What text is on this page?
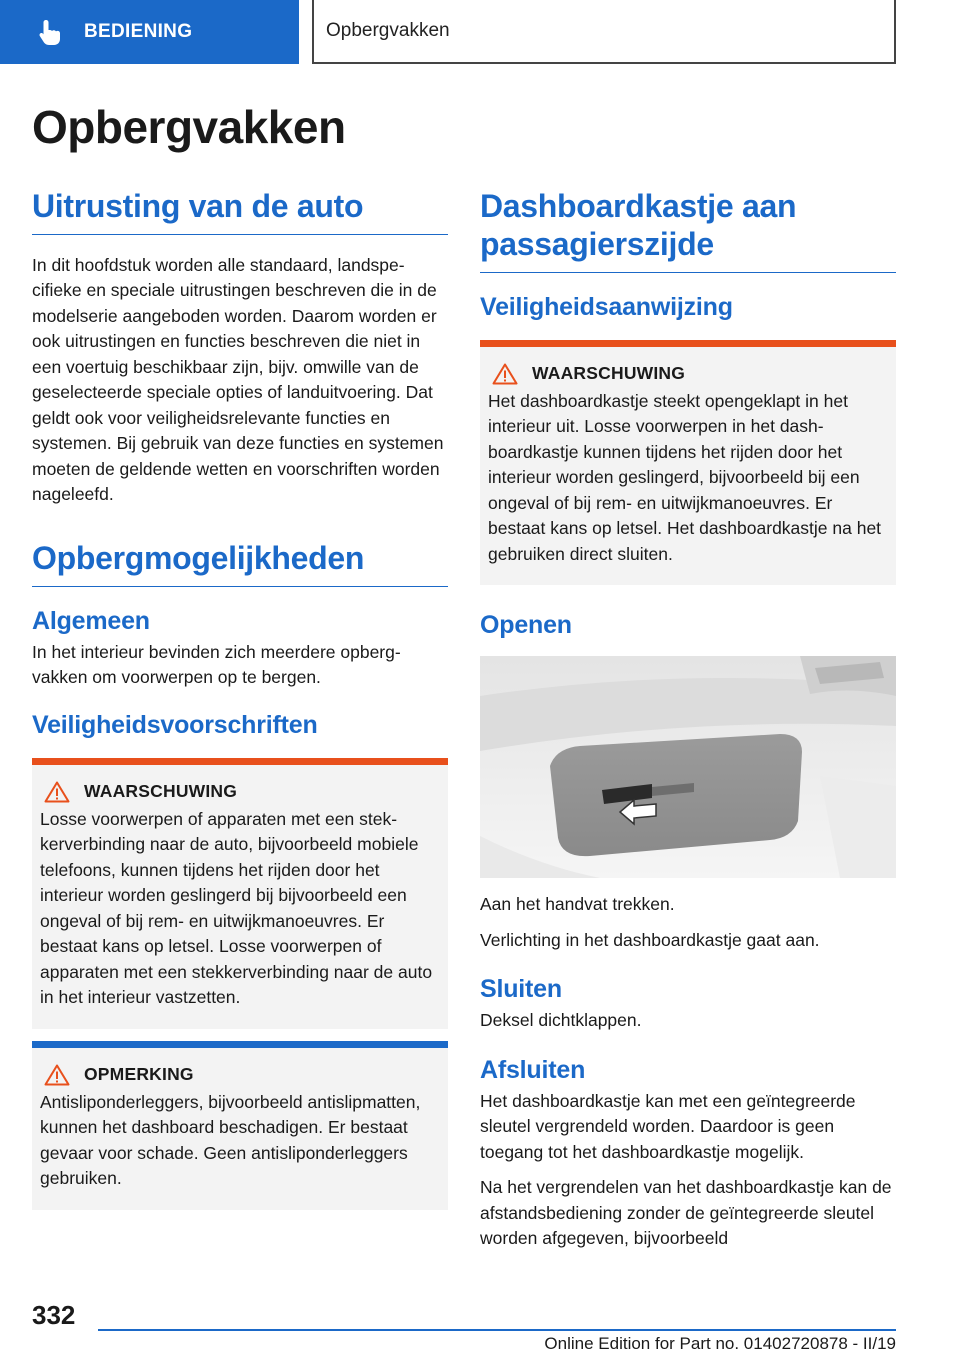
BEDIENING	Opbergvakken
Opbergvakken
Uitrusting van de auto

In dit hoofdstuk worden alle standaard, landspecifieke en speciale uitrustingen beschreven die in de modelserie aangeboden worden. Daarom worden er ook uitrustingen en functies beschreven die niet in een voertuig beschikbaar zijn, bijv. omwille van de geselecteerde speciale opties of landuitvoering. Dat geldt ook voor veiligheidsrelevante functies en systemen. Bij gebruik van deze functies en systemen moeten de geldende wetten en voorschriften worden nageleefd.

Opbergmogelijkheden
Algemeen

In het interieur bevinden zich meerdere opbergvakken om voorwerpen op te bergen.

Veiligheidsvoorschriften
WAARSCHUWING

Losse voorwerpen of apparaten met een stekkerverbinding naar de auto, bijvoorbeeld mobiele telefoons, kunnen tijdens het rijden door het interieur worden geslingerd bij bijvoorbeeld een ongeval of bij rem- en uitwijkmanoeuvres. Er bestaat kans op letsel. Losse voorwerpen of apparaten met een stekkerverbinding naar de auto in het interieur vastzetten.

OPMERKING

Antisliponderleggers, bijvoorbeeld antislipmatten, kunnen het dashboard beschadigen. Er bestaat gevaar voor schade. Geen antisliponderleggers gebruiken.

Dashboardkastje aan passagierszijde
Veiligheidsaanwijzing
WAARSCHUWING

Het dashboardkastje steekt opengeklapt in het interieur uit. Losse voorwerpen in het dashboardkastje kunnen tijdens het rijden door het interieur worden geslingerd, bijvoorbeeld bij een ongeval of bij rem- en uitwijkmanoeuvres. Er bestaat kans op letsel. Het dashboardkastje na het gebruiken direct sluiten.

Openen

Aan het handvat trekken.

Verlichting in het dashboardkastje gaat aan.

Sluiten

Deksel dichtklappen.

Afsluiten

Het dashboardkastje kan met een geïntegreerde sleutel vergrendeld worden. Daardoor is geen toegang tot het dashboardkastje mogelijk.

Na het vergrendelen van het dashboardkastje kan de afstandsbediening zonder de geïntegreerde sleutel worden afgegeven, bijvoorbeeld

332
Online Edition for Part no. 01402720878 - II/19
